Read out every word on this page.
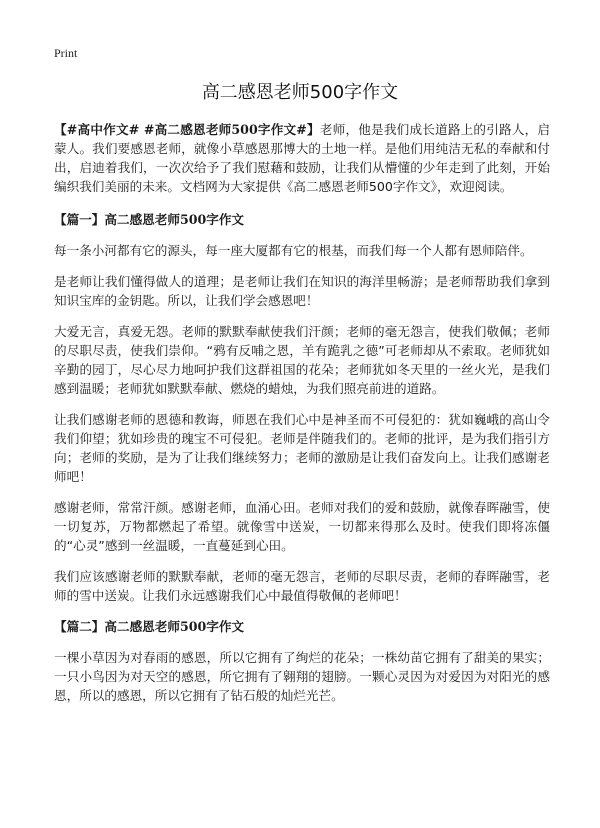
Print
高二感恩老师500字作文

【#高中作文# #高二感恩老师500字作文#】老师，他是我们成长道路上的引路人，启蒙人。我们要感恩老师，就像小草感恩那博大的土地一样。是他们用纯洁无私的奉献和付出，启迪着我们，一次次给予了我们慰藉和鼓励，让我们从懵懂的少年走到了此刻，开始编织我们美丽的未来。文档网为大家提供《高二感恩老师500字作文》，欢迎阅读。

【篇一】高二感恩老师500字作文

每一条小河都有它的源头，每一座大厦都有它的根基，而我们每一个人都有恩师陪伴。

是老师让我们懂得做人的道理；是老师让我们在知识的海洋里畅游；是老师帮助我们拿到知识宝库的金钥匙。所以，让我们学会感恩吧！

大爱无言，真爱无怨。老师的默默奉献使我们汗颜；老师的毫无怨言，使我们敬佩；老师的尽职尽责，使我们崇仰。“鸦有反哺之恩，羊有跪乳之德”可老师却从不索取。老师犹如辛勤的园丁，尽心尽力地呵护我们这群祖国的花朵；老师犹如冬天里的一丝火光，是我们感到温暖；老师犹如默默奉献、燃烧的蜡烛，为我们照亮前进的道路。

让我们感谢老师的恩德和教诲，师恩在我们心中是神圣而不可侵犯的：犹如巍峨的高山令我们仰望；犹如珍贵的瑰宝不可侵犯。老师是伴随我们的。老师的批评，是为我们指引方向；老师的奖励，是为了让我们继续努力；老师的激励是让我们奋发向上。让我们感谢老师吧！

感谢老师，常常汗颜。感谢老师，血涌心田。老师对我们的爱和鼓励，就像春晖融雪，使一切复苏，万物都燃起了希望。就像雪中送炭，一切都来得那么及时。使我们即将冻僵的“心灵”感到一丝温暖，一直蔓延到心田。

我们应该感谢老师的默默奉献，老师的毫无怨言，老师的尽职尽责，老师的春晖融雪，老师的雪中送炭。让我们永远感谢我们心中最值得敬佩的老师吧！

【篇二】高二感恩老师500字作文

一棵小草因为对春雨的感恩，所以它拥有了绚烂的花朵；一株幼苗它拥有了甜美的果实；一只小鸟因为对天空的感恩，所它拥有了翱翔的翅膀。一颗心灵因为对爱因为对阳光的感恩，所以的感恩，所以它拥有了钻石般的灿烂光芒。
